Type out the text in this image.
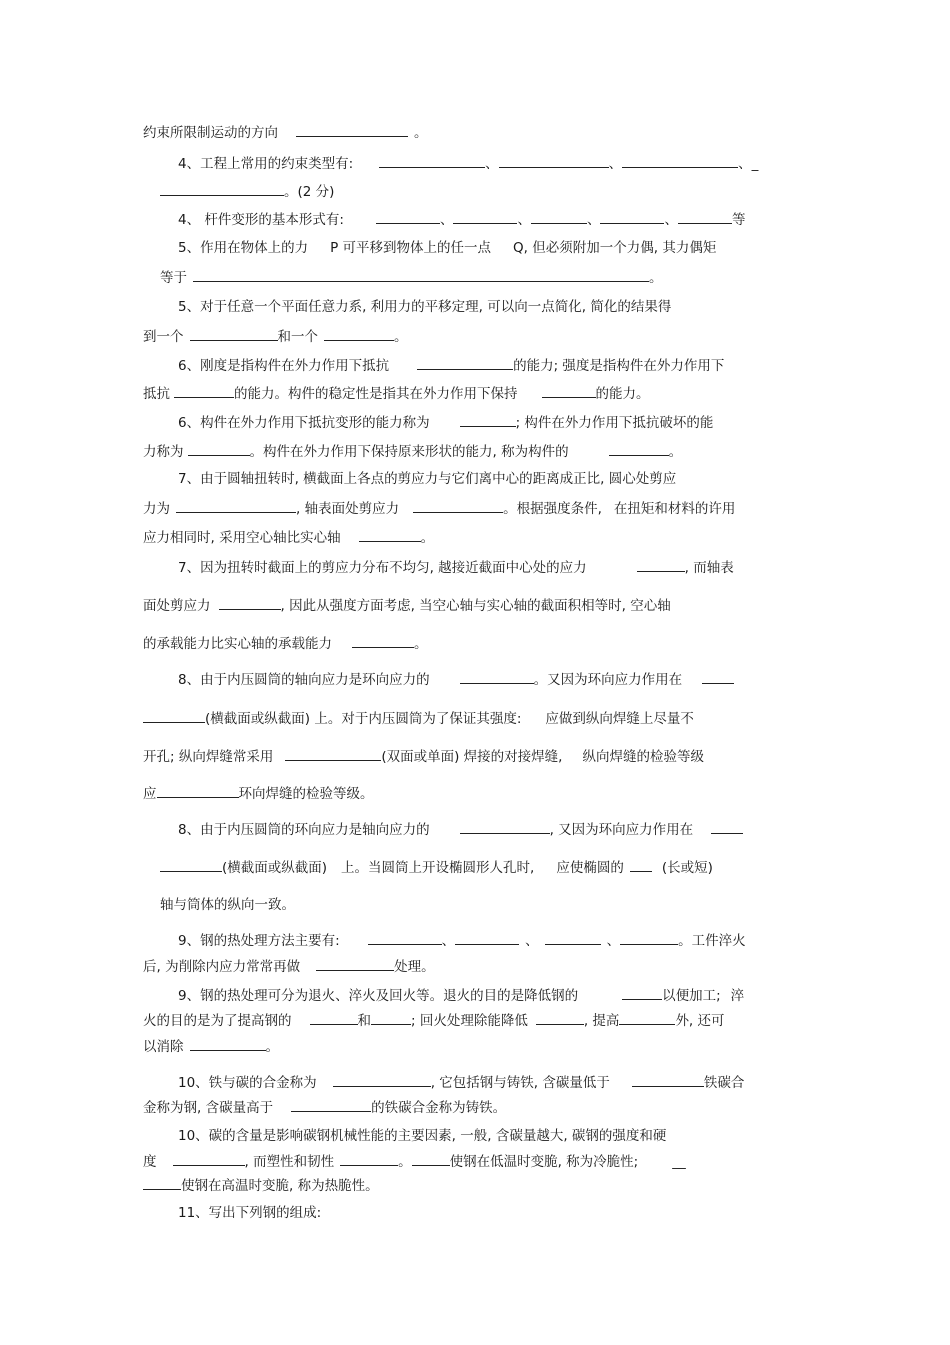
约束所限制运动的方向	。
4、工程上常用的约束类型有:	、	、	、_
。(2 分)
4、 杆件变形的基本形式有:	、	、	、	、	等
5、作用在物体上的力 P 可平移到物体上的任一点 Q, 但必须附加一个力偶, 其力偶矩
等于	。
5、对于任意一个平面任意力系, 利用力的平移定理, 可以向一点简化, 简化的结果得
到一个	和一个	。
6、刚度是指构件在外力作用下抵抗	的能力; 强度是指构件在外力作用下
抵抗	的能力。构件的稳定性是指其在外力作用下保持	的能力。
6、构件在外力作用下抵抗变形的能力称为	; 构件在外力作用下抵抗破坏的能
力称为	。构件在外力作用下保持原来形状的能力, 称为构件的	。
7、由于圆轴扭转时, 横截面上各点的剪应力与它们离中心的距离成正比, 圆心处剪应
力为	, 轴表面处剪应力	。根据强度条件, 在扭矩和材料的许用
应力相同时, 采用空心轴比实心轴	。
7、因为扭转时截面上的剪应力分布不均匀, 越接近截面中心处的应力	, 而轴表
面处剪应力	, 因此从强度方面考虑, 当空心轴与实心轴的截面积相等时, 空心轴
的承载能力比实心轴的承载能力	。
8、由于内压圆筒的轴向应力是环向应力的	。又因为环向应力作用在
(横截面或纵截面) 上。对于内压圆筒为了保证其强度: 应做到纵向焊缝上尽量不
开孔; 纵向焊缝常采用	(双面或单面) 焊接的对接焊缝, 纵向焊缝的检验等级
应	环向焊缝的检验等级。
8、由于内压圆筒的环向应力是轴向应力的	, 又因为环向应力作用在
(横截面或纵截面) 上。当圆筒上开设椭圆形人孔时, 应使椭圆的	(长或短)
轴与筒体的纵向一致。
9、钢的热处理方法主要有:	、	、	、	。工件淬火
后, 为削除内应力常常再做	处理。
9、钢的热处理可分为退火、淬火及回火等。退火的目的是降低钢的	以便加工; 淬
火的目的是为了提高钢的	和	; 回火处理除能降低	, 提高	外, 还可
以消除	。
10、铁与碳的合金称为	, 它包括钢与铸铁, 含碳量低于	铁碳合
金称为钢, 含碳量高于	的铁碳合金称为铸铁。
10、碳的含量是影响碳钢机械性能的主要因素, 一般, 含碳量越大, 碳钢的强度和硬
度	, 而塑性和韧性	。	使钢在低温时变脆, 称为冷脆性;	__
使钢在高温时变脆, 称为热脆性。
11、写出下列钢的组成:
